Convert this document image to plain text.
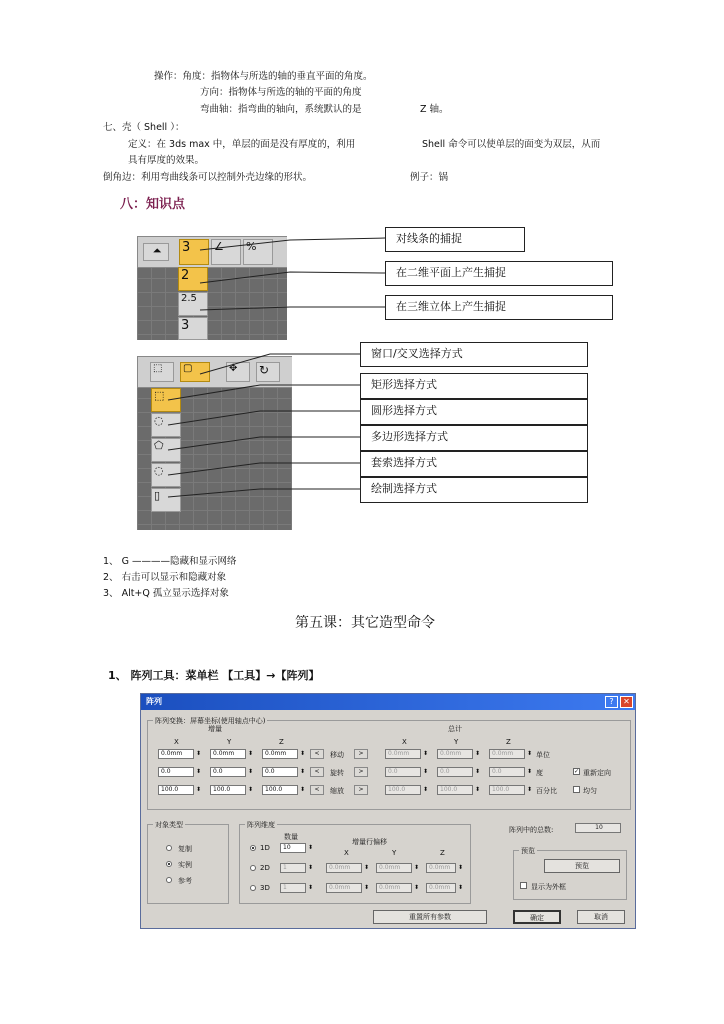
操作：角度：指物体与所选的轴的垂直平面的角度。
方向：指物体与所选的轴的平面的角度
弯曲轴：指弯曲的轴向，系统默认的是	Z 轴。
七、壳（ Shell ）：
定义：在 3ds max 中，单层的面是没有厚度的，利用	Shell 命令可以使单层的面变为双层，从而
具有厚度的效果。
倒角边：利用弯曲线条可以控制外壳边缘的形状。	例子：锅
八：知识点
⏶	3	∠	%
2
2.5
3
⬚	▢	✥	↻
⬚
◌
⬠
◌
▯
对线条的捕捉
在二维平面上产生捕捉
在三维立体上产生捕捉
窗口/交叉选择方式
矩形选择方式
圆形选择方式
多边形选择方式
套索选择方式
绘制选择方式
1、 G ————隐藏和显示网络
2、 右击可以显示和隐藏对象
3、 Alt+Q 孤立显示选择对象
第五课：其它造型命令
1、 阵列工具：菜单栏 【工具】→【阵列】
阵列	?	✕
阵列变换：屏幕坐标(使用轴点中心)
增量	总计
X	Y	Z	X	Y	Z
0.0mm	⬍	0.0mm	⬍	0.0mm	⬍	<	移动	>	0.0mm	⬍	0.0mm	⬍	0.0mm	⬍ 单位
0.0	⬍	0.0	⬍	0.0	⬍	<	旋转	>	0.0	⬍	0.0	⬍	0.0	⬍ 度	✓ 重新定向
100.0	⬍	100.0	⬍	100.0	⬍	<	缩放	>	100.0	⬍	100.0	⬍	100.0	⬍ 百分比	均匀
对象类型
复制
实例
参考
阵列维度
数量
增量行偏移
X	Y	Z
1D	10	⬍
2D	1	⬍	0.0mm	⬍	0.0mm	⬍	0.0mm	⬍
3D	1	⬍	0.0mm	⬍	0.0mm	⬍	0.0mm	⬍
阵列中的总数:	10
预览
预览
显示为外框
重置所有参数	确定	取消
